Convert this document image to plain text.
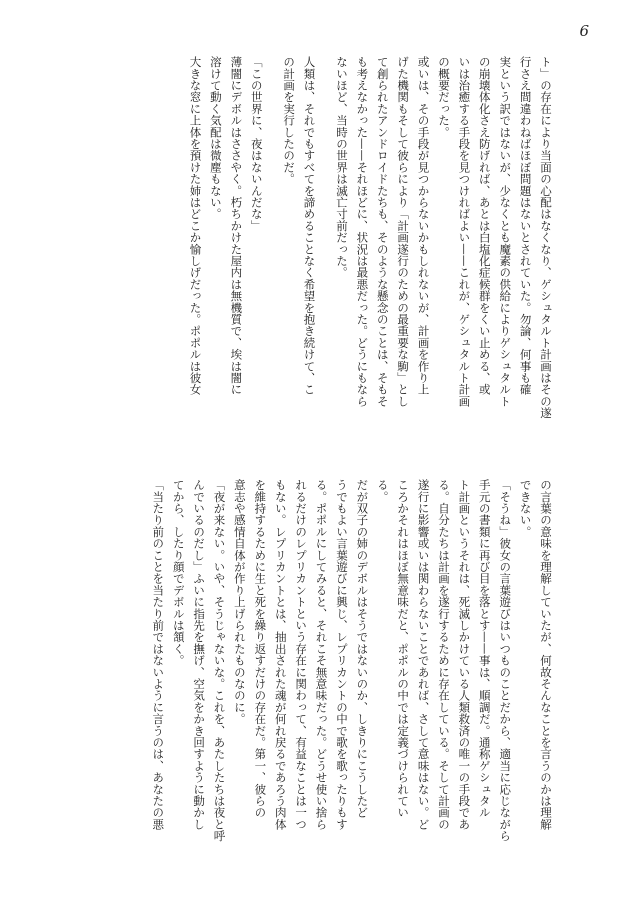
6
ト」の存在により当面の心配はなくなり、ゲシュタルト計画はその遂
行さえ間違わねばほぼ問題はないとされていた。勿論、何事も確
実という訳ではないが、少なくとも魔素の供給によりゲシュタルト
の崩壊体化さえ防げれば、あとは白塩化症候群をくい止める、或
いは治癒する手段を見つければよい——これが、ゲシュタルト計画
の概要だった。
或いは、その手段が見つからないかもしれないが、計画を作り上
げた機関もそして彼らにより「計画遂行のための最重要な駒」とし
て創られたアンドロイドたちも、そのような懸念のことは、そもそ
も考えなかった——それほどに、状況は最悪だった。どうにもなら
ないほど、当時の世界は滅亡寸前だった。
人類は、それでもすべてを諦めることなく希望を抱き続けて、こ
の計画を実行したのだ。
「この世界に、夜はないんだな」
薄闇にデボルはささやく。朽ちかけた屋内は無機質で、埃は闇に
溶けて動く気配は微塵もない。
大きな窓に上体を預けた姉はどこか愉しげだった。ポポルは彼女
の言葉の意味を理解していたが、何故そんなことを言うのかは理解
できない。
「そうね」彼女の言葉遊びはいつものことだから、適当に応じながら
手元の書類に再び目を落とす——事は、順調だ。通称ゲシュタル
ト計画というそれは、死滅しかけている人類救済の唯一の手段であ
る。自分たちは計画を遂行するために存在している。そして計画の
遂行に影響或いは関わらないことであれば、さして意味はない。ど
ころかそれはほぼ無意味だと、ポポルの中では定義づけられてい
る。
だが双子の姉のデボルはそうではないのか、しきりにこうしたど
うでもよい言葉遊びに興じ、レプリカントの中で歌を歌ったりもす
る。ポポルにしてみると、それこそ無意味だった。どうせ使い捨ら
れるだけのレプリカントという存在に関わって、有益なことは一つ
もない。レプリカントとは、抽出された魂が何れ戻るであろう肉体
を維持するために生と死を繰り返すだけの存在だ。第一、彼らの
意志や感情自体が作り上げられたものなのに。
「夜が来ない。いや、そうじゃないな。これを、あたしたちは夜と呼
んでいるのだし」ふいに指先を撫げ、空気をかき回すように動かし
てから、したり顔でデボルは頷く。
「当たり前のことを当たり前ではないように言うのは、あなたの悪
